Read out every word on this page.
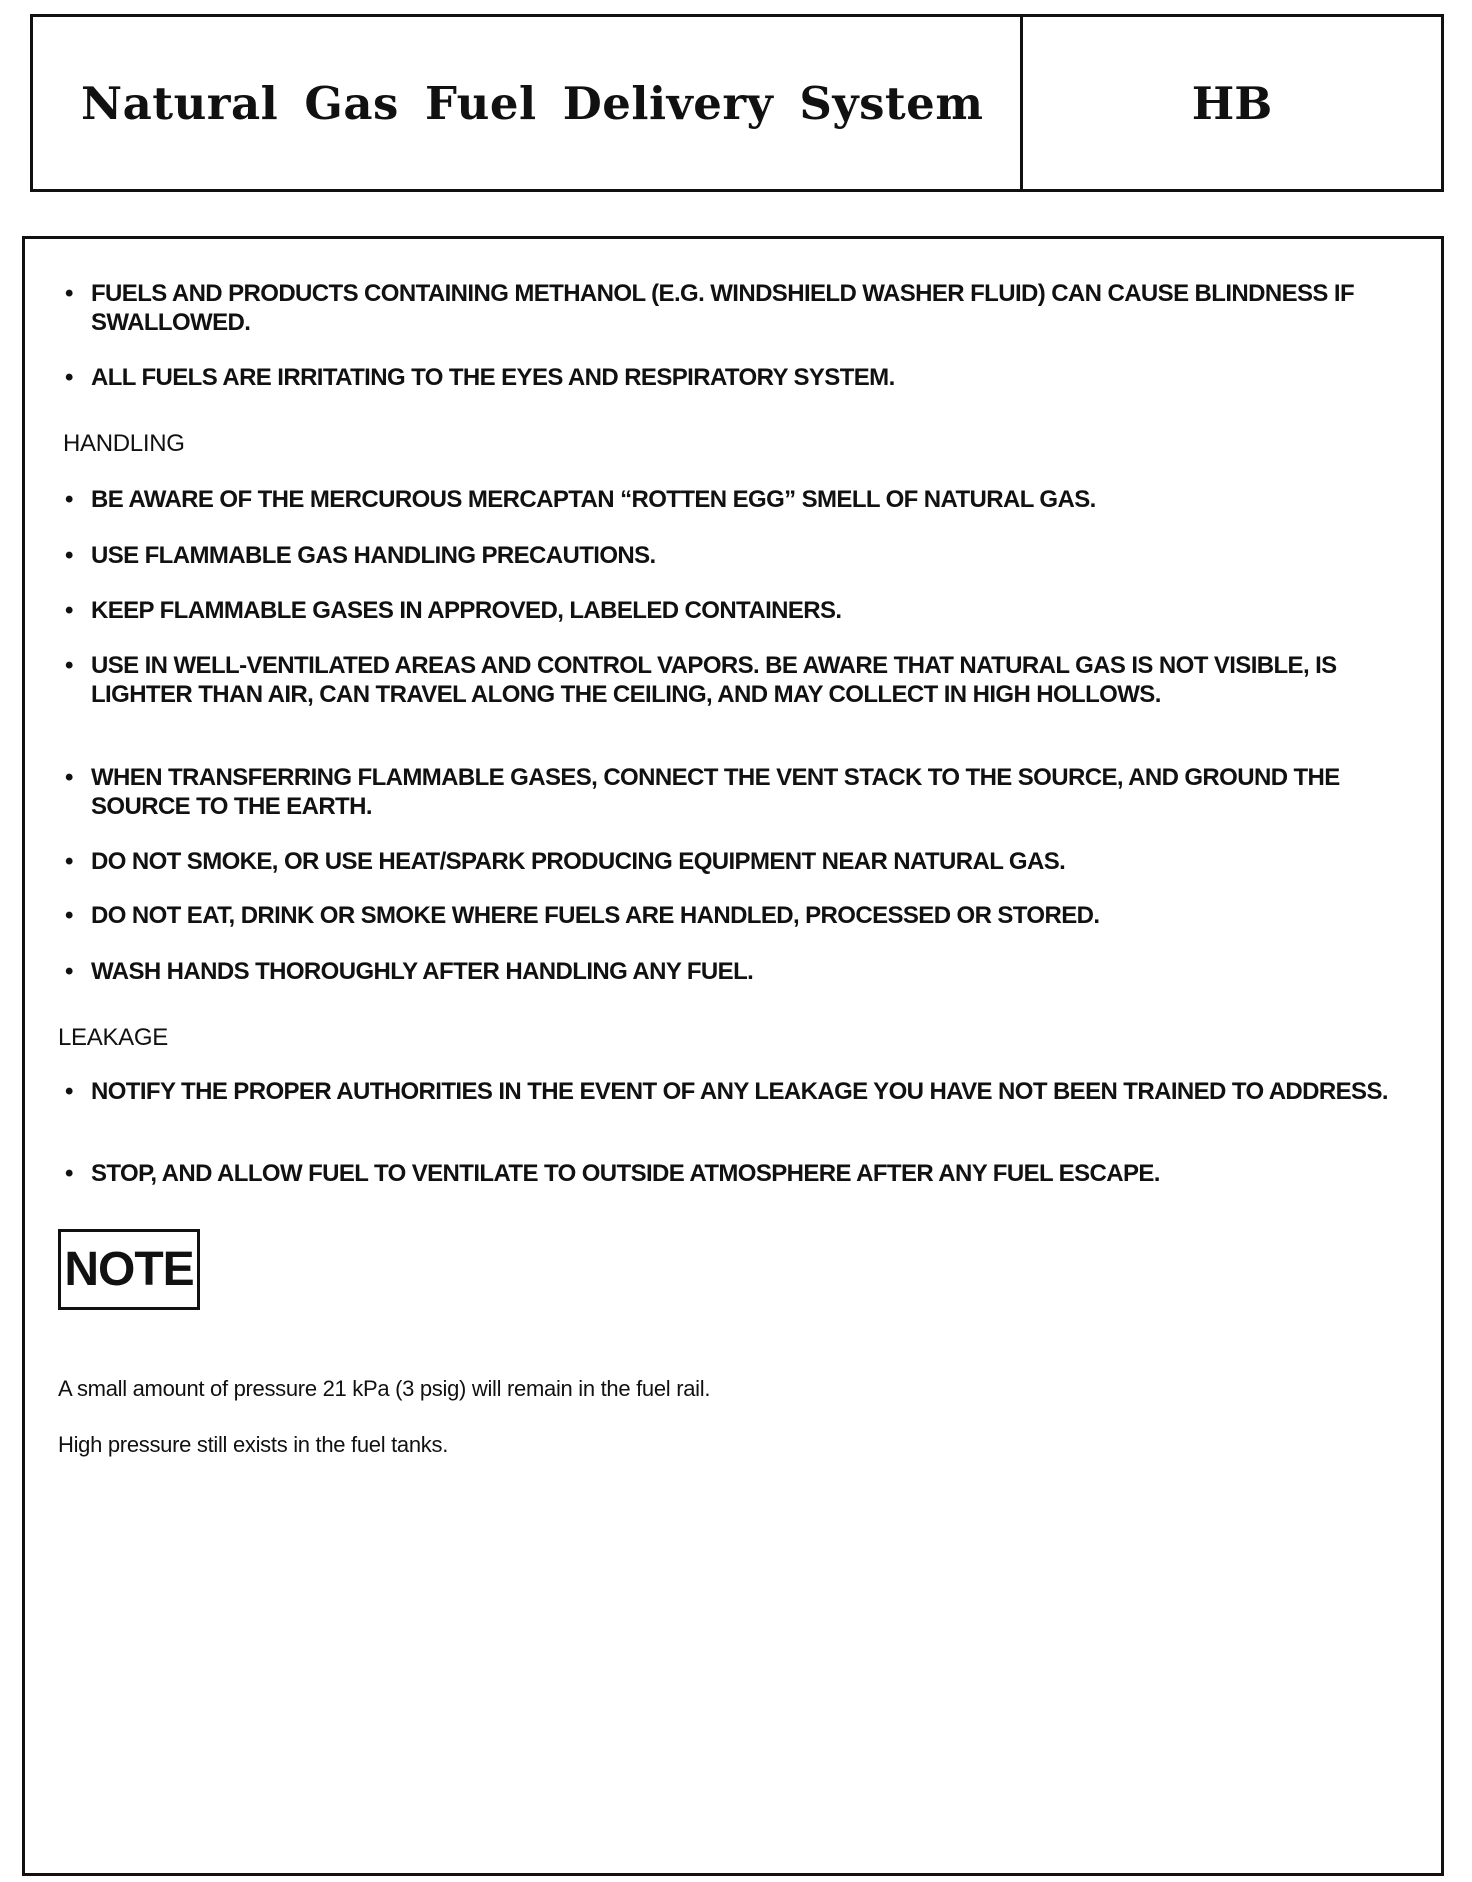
Natural Gas Fuel Delivery System	HB
• FUELS AND PRODUCTS CONTAINING METHANOL (E.G. WINDSHIELD WASHER FLUID) CAN CAUSE BLINDNESS IF SWALLOWED.
• ALL FUELS ARE IRRITATING TO THE EYES AND RESPIRATORY SYSTEM.
HANDLING
• BE AWARE OF THE MERCUROUS MERCAPTAN “ROTTEN EGG” SMELL OF NATURAL GAS.
• USE FLAMMABLE GAS HANDLING PRECAUTIONS.
• KEEP FLAMMABLE GASES IN APPROVED, LABELED CONTAINERS.
• USE IN WELL-VENTILATED AREAS AND CONTROL VAPORS. BE AWARE THAT NATURAL GAS IS NOT VISIBLE, IS LIGHTER THAN AIR, CAN TRAVEL ALONG THE CEILING, AND MAY COLLECT IN HIGH HOLLOWS.
• WHEN TRANSFERRING FLAMMABLE GASES, CONNECT THE VENT STACK TO THE SOURCE, AND GROUND THE SOURCE TO THE EARTH.
• DO NOT SMOKE, OR USE HEAT/SPARK PRODUCING EQUIPMENT NEAR NATURAL GAS.
• DO NOT EAT, DRINK OR SMOKE WHERE FUELS ARE HANDLED, PROCESSED OR STORED.
• WASH HANDS THOROUGHLY AFTER HANDLING ANY FUEL.
LEAKAGE
• NOTIFY THE PROPER AUTHORITIES IN THE EVENT OF ANY LEAKAGE YOU HAVE NOT BEEN TRAINED TO ADDRESS.
• STOP, AND ALLOW FUEL TO VENTILATE TO OUTSIDE ATMOSPHERE AFTER ANY FUEL ESCAPE.
NOTE
A small amount of pressure 21 kPa (3 psig) will remain in the fuel rail.
High pressure still exists in the fuel tanks.
